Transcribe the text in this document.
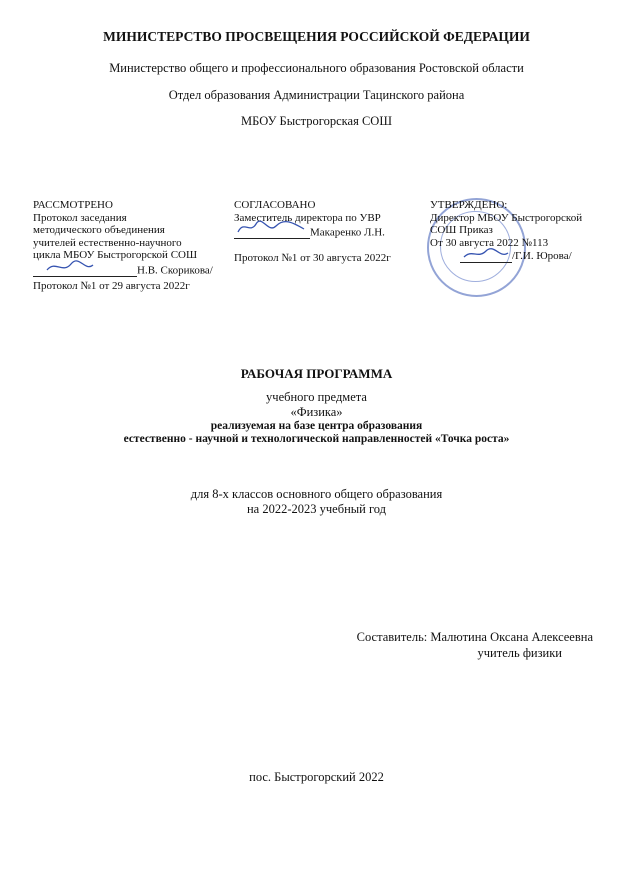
МИНИСТЕРСТВО ПРОСВЕЩЕНИЯ РОССИЙСКОЙ ФЕДЕРАЦИИ
Министерство общего и профессионального образования Ростовской области
Отдел образования Администрации Тацинского района
МБОУ Быстрогорская СОШ
РАССМОТРЕНО
Протокол заседания
методического объединения
учителей естественно-научного
цикла МБОУ Быстрогорской СОШ
Н.В. Скорикова/
Протокол №1 от 29 августа 2022г
СОГЛАСОВАНО
Заместитель директора по УВР
Макаренко Л.Н.
Протокол №1 от 30 августа 2022г
УТВЕРЖДЕНО:
Директор МБОУ Быстрогорской
СОШ Приказ
От 30 августа 2022 №113
/Г.И. Юрова/
РАБОЧАЯ ПРОГРАММА
учебного предмета
«Физика»
реализуемая на базе центра образования
естественно - научной и технологической направленностей «Точка роста»
для 8-х классов основного общего образования
на 2022-2023 учебный год
Составитель: Малютина Оксана Алексеевна
учитель физики
пос. Быстрогорский 2022
